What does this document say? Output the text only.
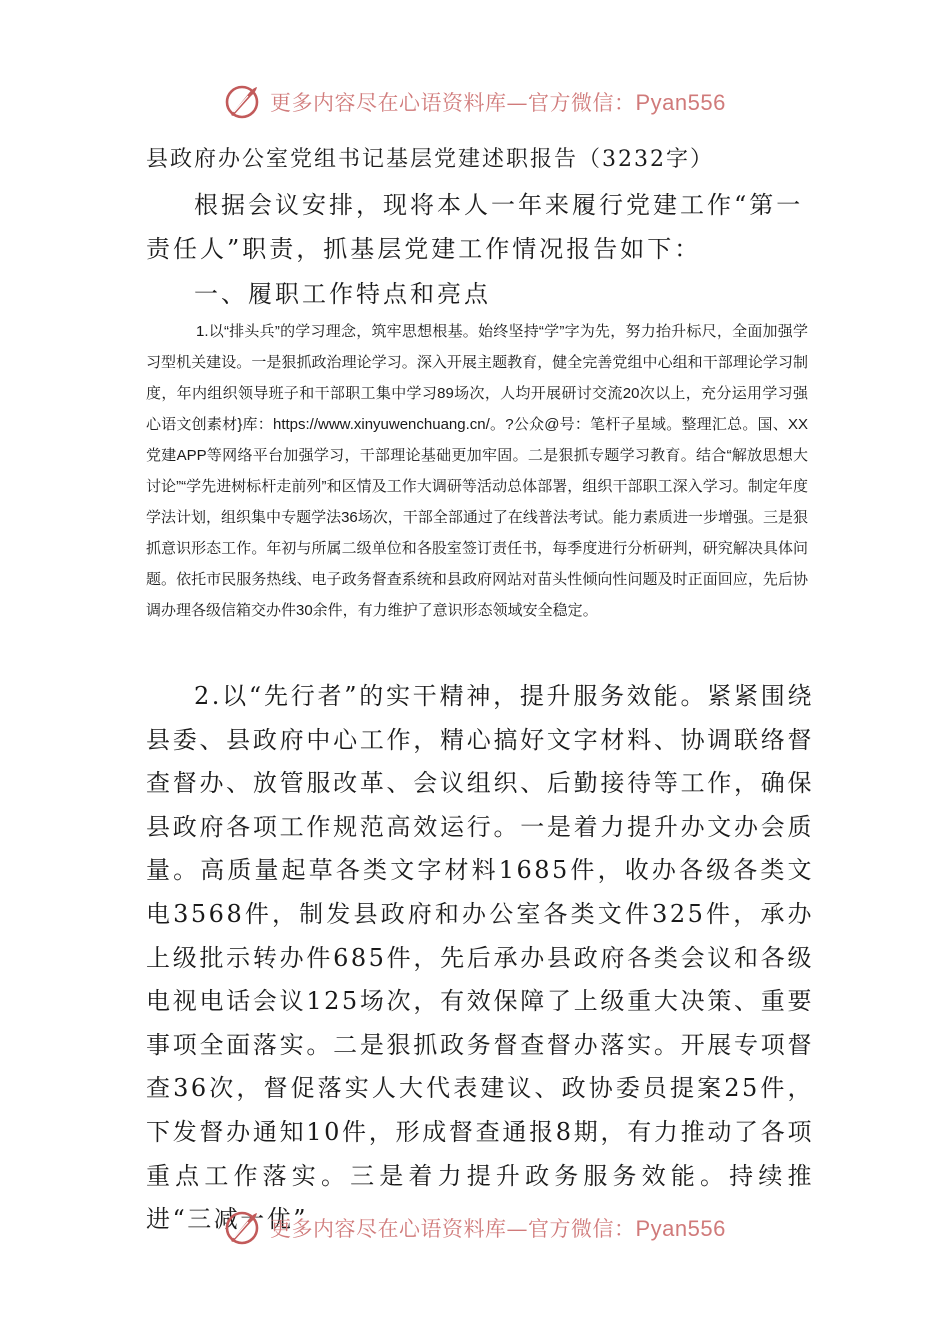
更多内容尽在心语资料库—官方微信：Pyan556
县政府办公室党组书记基层党建述职报告（3232字）

根据会议安排，现将本人一年来履行党建工作“第一责任人”职责，抓基层党建工作情况报告如下：

一、履职工作特点和亮点

1.以“排头兵”的学习理念，筑牢思想根基。始终坚持“学”字为先，努力抬升标尺，全面加强学习型机关建设。一是狠抓政治理论学习。深入开展主题教育，健全完善党组中心组和干部理论学习制度，年内组织领导班子和干部职工集中学习89场次，人均开展研讨交流20次以上，充分运用学习强心语文创素材}库：https://www.xinyuwenchuang.cn/。?公众@号：笔杆子星域。整理汇总。国、XX党建APP等网络平台加强学习，干部理论基础更加牢固。二是狠抓专题学习教育。结合“解放思想大讨论”“学先进树标杆走前列”和区情及工作大调研等活动总体部署，组织干部职工深入学习。制定年度学法计划，组织集中专题学法36场次，干部全部通过了在线普法考试。能力素质进一步增强。三是狠抓意识形态工作。年初与所属二级单位和各股室签订责任书，每季度进行分析研判，研究解决具体问题。依托市民服务热线、电子政务督查系统和县政府网站对苗头性倾向性问题及时正面回应，先后协调办理各级信箱交办件30余件，有力维护了意识形态领域安全稳定。

2.以“先行者”的实干精神，提升服务效能。紧紧围绕县委、县政府中心工作，精心搞好文字材料、协调联络督查督办、放管服改革、会议组织、后勤接待等工作，确保县政府各项工作规范高效运行。一是着力提升办文办会质量。高质量起草各类文字材料1685件，收办各级各类文电3568件，制发县政府和办公室各类文件325件，承办上级批示转办件685件，先后承办县政府各类会议和各级电视电话会议125场次，有效保障了上级重大决策、重要事项全面落实。二是狠抓政务督查督办落实。开展专项督查36次，督促落实人大代表建议、政协委员提案25件，下发督办通知10件，形成督查通报8期，有力推动了各项重点工作落实。三是着力提升政务服务效能。持续推进“三减一优”

更多内容尽在心语资料库—官方微信：Pyan556
